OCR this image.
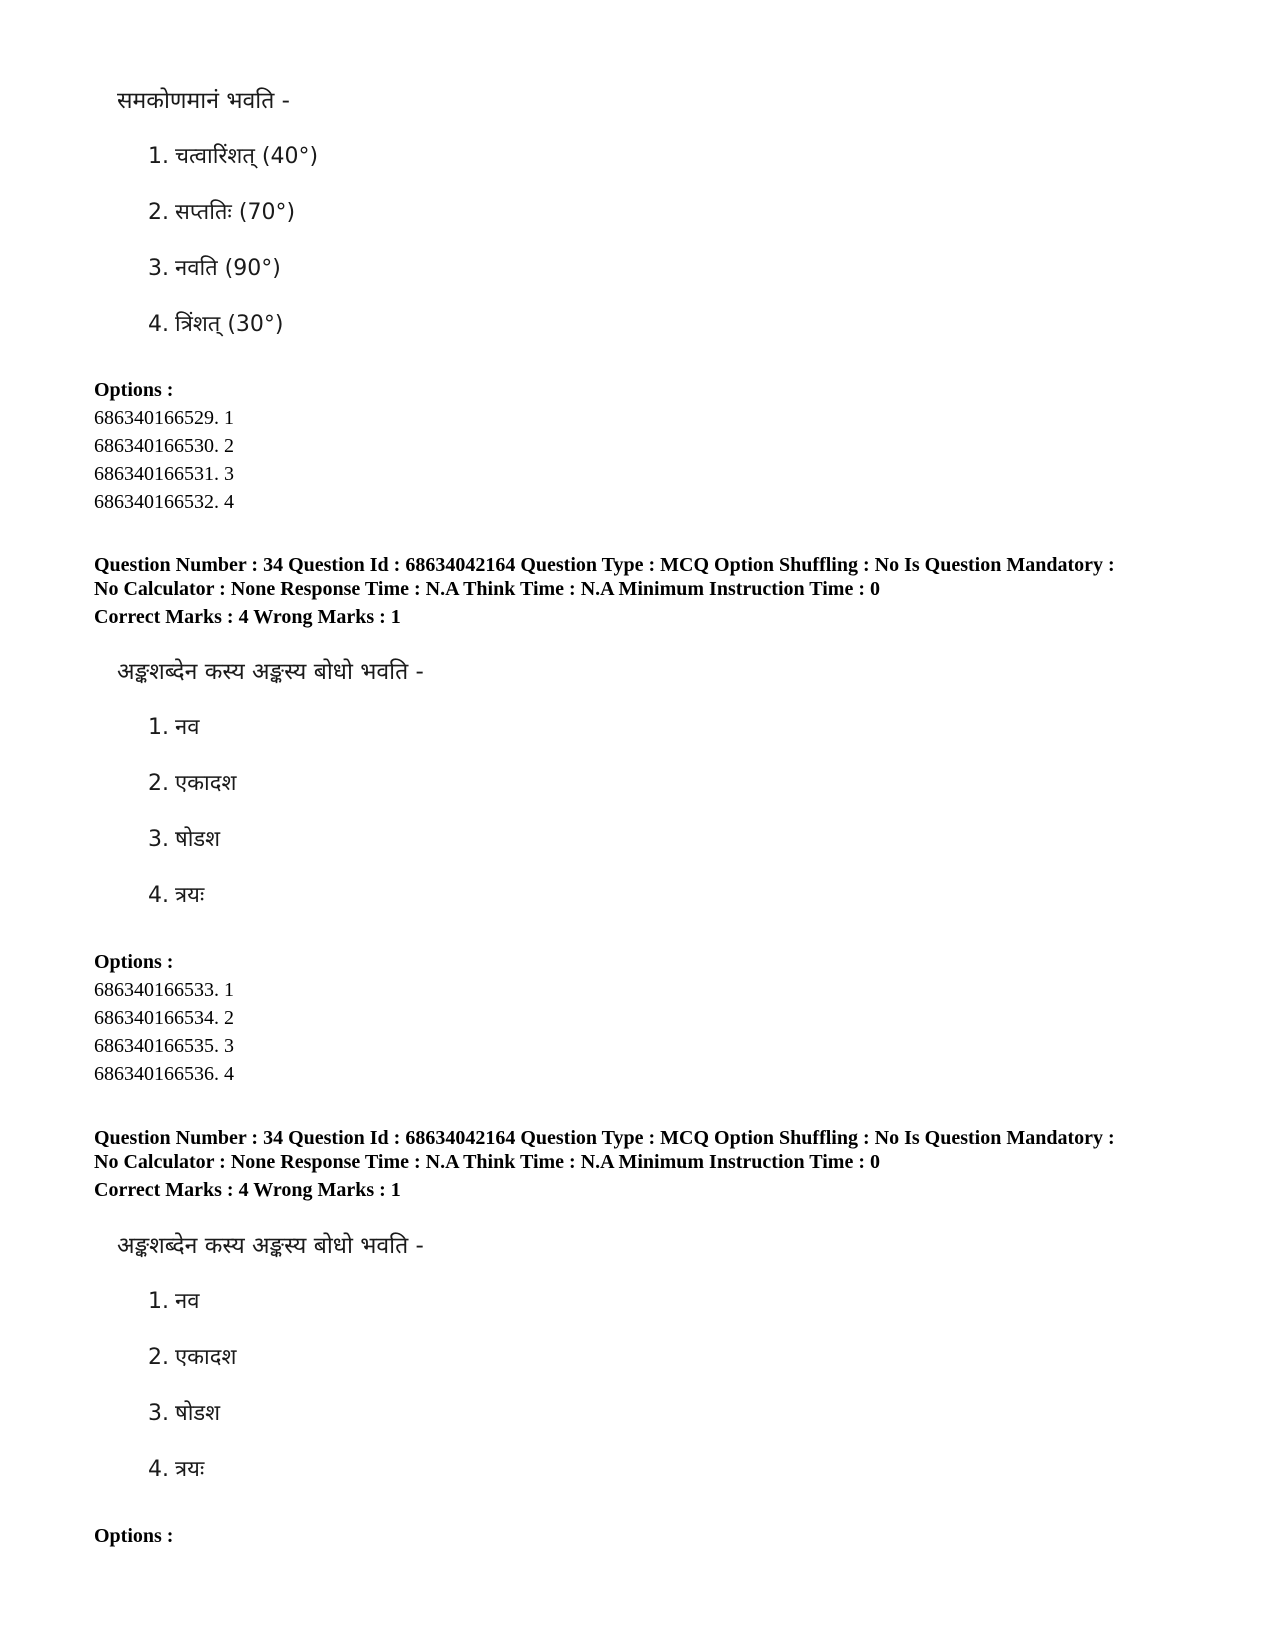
समकोणमानं भवति -
1. चत्वारिंशत् (40°)
2. सप्ततिः (70°)
3. नवति (90°)
4. त्रिंशत् (30°)
Options :
686340166529. 1
686340166530. 2
686340166531. 3
686340166532. 4
Question Number : 34 Question Id : 68634042164 Question Type : MCQ Option Shuffling : No Is Question Mandatory :
No Calculator : None Response Time : N.A Think Time : N.A Minimum Instruction Time : 0
Correct Marks : 4 Wrong Marks : 1
अङ्कशब्देन कस्य अङ्कस्य बोधो भवति -
1. नव
2. एकादश
3. षोडश
4. त्रयः
Options :
686340166533. 1
686340166534. 2
686340166535. 3
686340166536. 4
Question Number : 34 Question Id : 68634042164 Question Type : MCQ Option Shuffling : No Is Question Mandatory :
No Calculator : None Response Time : N.A Think Time : N.A Minimum Instruction Time : 0
Correct Marks : 4 Wrong Marks : 1
अङ्कशब्देन कस्य अङ्कस्य बोधो भवति -
1. नव
2. एकादश
3. षोडश
4. त्रयः
Options :
